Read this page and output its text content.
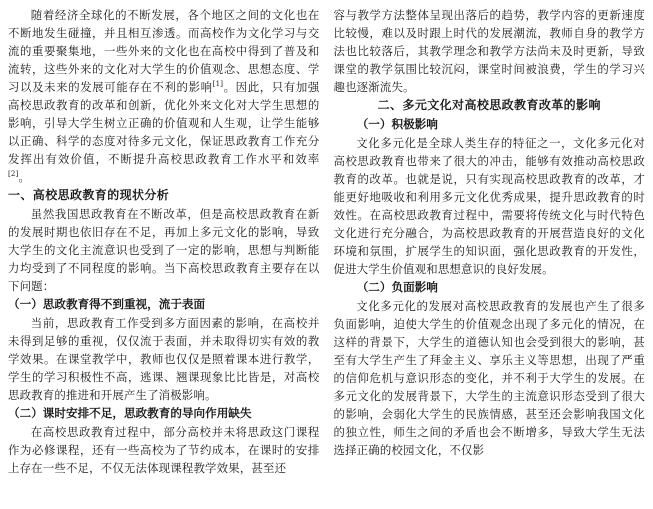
随着经济全球化的不断发展，各个地区之间的文化也在不断地发生碰撞，并且相互渗透。而高校作为文化学习与交流的重要聚集地，一些外来的文化也在高校中得到了普及和流转，这些外来的文化对大学生的价值观念、思想态度、学习以及未来的发展可能存在不利的影响[1]。因此，只有加强高校思政教育的改革和创新，优化外来文化对大学生思想的影响，引导大学生树立正确的价值观和人生观，让学生能够以正确、科学的态度对待多元文化，保证思政教育工作充分发挥出有效价值，不断提升高校思政教育工作水平和效率[2]。

一、高校思政教育的现状分析

虽然我国思政教育在不断改革，但是高校思政教育在新的发展时期也依旧存在不足，再加上多元文化的影响，导致大学生的文化主流意识也受到了一定的影响，思想与判断能力均受到了不同程度的影响。当下高校思政教育主要存在以下问题：

（一）思政教育得不到重视，流于表面

当前，思政教育工作受到多方面因素的影响，在高校并未得到足够的重视，仅仅流于表面，并未取得切实有效的教学效果。在课堂教学中，教师也仅仅是照着课本进行教学，学生的学习积极性不高，逃课、翘课现象比比皆是，对高校思政教育的推进和开展产生了消极影响。

（二）课时安排不足，思政教育的导向作用缺失

在高校思政教育过程中，部分高校并未将思政这门课程作为必修课程，还有一些高校为了节约成本，在课时的安排上存在一些不足，不仅无法体现课程教学效果，甚至还

容与教学方法整体呈现出落后的趋势，教学内容的更新速度比较慢，难以及时跟上时代的发展潮流，教师自身的教学方法也比较落后，其教学理念和教学方法尚未及时更新，导致课堂的教学氛围比较沉闷，课堂时间被浪费，学生的学习兴趣也逐渐流失。

二、多元文化对高校思政教育改革的影响
（一）积极影响

文化多元化是全球人类生存的特征之一，文化多元化对高校思政教育也带来了很大的冲击，能够有效推动高校思政教育的改革。也就是说，只有实现高校思政教育的改革，才能更好地吸收和利用多元文化优秀成果，提升思政教育的时效性。在高校思政教育过程中，需要将传统文化与时代特色文化进行充分融合，为高校思政教育的开展营造良好的文化环境和氛围，扩展学生的知识面，强化思政教育的开发性，促进大学生价值观和思想意识的良好发展。

（二）负面影响

文化多元化的发展对高校思政教育的发展也产生了很多负面影响，迫使大学生的价值观念出现了多元化的情况，在这样的背景下，大学生的道德认知也会受到很大的影响，甚至有大学生产生了拜金主义、享乐主义等思想，出现了严重的信仰危机与意识形态的变化，并不利于大学生的发展。在多元文化的发展背景下，大学生的主流意识形态受到了很大的影响，会弱化大学生的民族情感，甚至还会影响我国文化的独立性，师生之间的矛盾也会不断增多，导致大学生无法选择正确的校园文化，不仅影
